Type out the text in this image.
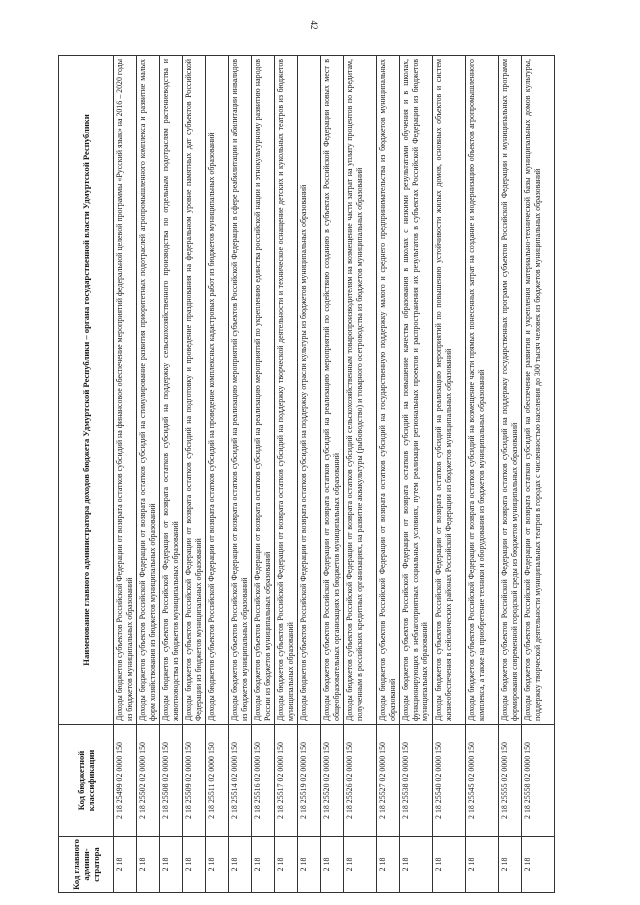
42
Код главного админи-стратора	Код бюджетной классификации	Наименование главного администратора доходов бюджета Удмуртской Республики – органа государственной власти Удмуртской Республики
2 18	2 18 25499 02 0000 150	Доходы бюджетов субъектов Российской Федерации от возврата остатков субсидий на финансовое обеспечение мероприятий федеральной целевой программы «Русский язык» на 2016 – 2020 годы из бюджетов муниципальных образований
2 18	2 18 25502 02 0000 150	Доходы бюджетов субъектов Российской Федерации от возврата остатков субсидий на стимулирование развития приоритетных подотраслей агропромышленного комплекса и развитие малых форм хозяйствования из бюджетов муниципальных образований
2 18	2 18 25508 02 0000 150	Доходы бюджетов субъектов Российской Федерации от возврата остатков субсидий на поддержку сельскохозяйственного производства по отдельным подотраслям растениеводства и животноводства из бюджетов муниципальных образований
2 18	2 18 25509 02 0000 150	Доходы бюджетов субъектов Российской Федерации от возврата остатков субсидий на подготовку и проведение празднования на федеральном уровне памятных дат субъектов Российской Федерации из бюджетов муниципальных образований
2 18	2 18 25511 02 0000 150	Доходы бюджетов субъектов Российской Федерации от возврата остатков субсидий на проведение комплексных кадастровых работ из бюджетов муниципальных образований
2 18	2 18 25514 02 0000 150	Доходы бюджетов субъектов Российской Федерации от возврата остатков субсидий на реализацию мероприятий субъектов Российской Федерации в сфере реабилитации и абилитации инвалидов из бюджетов муниципальных образований
2 18	2 18 25516 02 0000 150	Доходы бюджетов субъектов Российской Федерации от возврата остатков субсидий на реализацию мероприятий по укреплению единства российской нации и этнокультурному развитию народов России из бюджетов муниципальных образований
2 18	2 18 25517 02 0000 150	Доходы бюджетов субъектов Российской Федерации от возврата остатков субсидий на поддержку творческой деятельности и техническое оснащение детских и кукольных театров из бюджетов муниципальных образований
2 18	2 18 25519 02 0000 150	Доходы бюджетов субъектов Российской Федерации от возврата остатков субсидий на поддержку отрасли культуры из бюджетов муниципальных образований
2 18	2 18 25520 02 0000 150	Доходы бюджетов субъектов Российской Федерации от возврата остатков субсидий на реализацию мероприятий по содействию созданию в субъектах Российской Федерации новых мест в общеобразовательных организациях из бюджетов муниципальных образований
2 18	2 18 25526 02 0000 150	Доходы бюджетов субъектов Российской Федерации от возврата остатков субсидий сельскохозяйственным товаропроизводителям на возмещение части затрат на уплату процентов по кредитам, полученным в российских кредитных организациях, на развитие аквакультуры (рыбоводство) и товарного осетроводства из бюджетов муниципальных образований
2 18	2 18 25527 02 0000 150	Доходы бюджетов субъектов Российской Федерации от возврата остатков субсидий на государственную поддержку малого и среднего предпринимательства из бюджетов муниципальных образований
2 18	2 18 25538 02 0000 150	Доходы бюджетов субъектов Российской Федерации от возврата остатков субсидий на повышение качества образования в школах с низкими результатами обучения и в школах, функционирующих в неблагоприятных социальных условиях, путем реализации региональных проектов и распространения их результатов в субъектах Российской Федерации из бюджетов муниципальных образований
2 18	2 18 25540 02 0000 150	Доходы бюджетов субъектов Российской Федерации от возврата остатков субсидий на реализацию мероприятий по повышению устойчивости жилых домов, основных объектов и систем жизнеобеспечения в сейсмических районах Российской Федерации из бюджетов муниципальных образований
2 18	2 18 25545 02 0000 150	Доходы бюджетов субъектов Российской Федерации от возврата остатков субсидий на возмещение части прямых понесенных затрат на создание и модернизацию объектов агропромышленного комплекса, а также на приобретение техники и оборудования из бюджетов муниципальных образований
2 18	2 18 25555 02 0000 150	Доходы бюджетов субъектов Российской Федерации от возврата остатков субсидий на поддержку государственных программ субъектов Российской Федерации и муниципальных программ формирования современной городской среды из бюджетов муниципальных образований
2 18	2 18 25558 02 0000 150	Доходы бюджетов субъектов Российской Федерации от возврата остатков субсидий на обеспечение развития и укрепления материально-технической базы муниципальных домов культуры, поддержку творческой деятельности муниципальных театров в городах с численностью населения до 300 тысяч человек из бюджетов муниципальных образований
